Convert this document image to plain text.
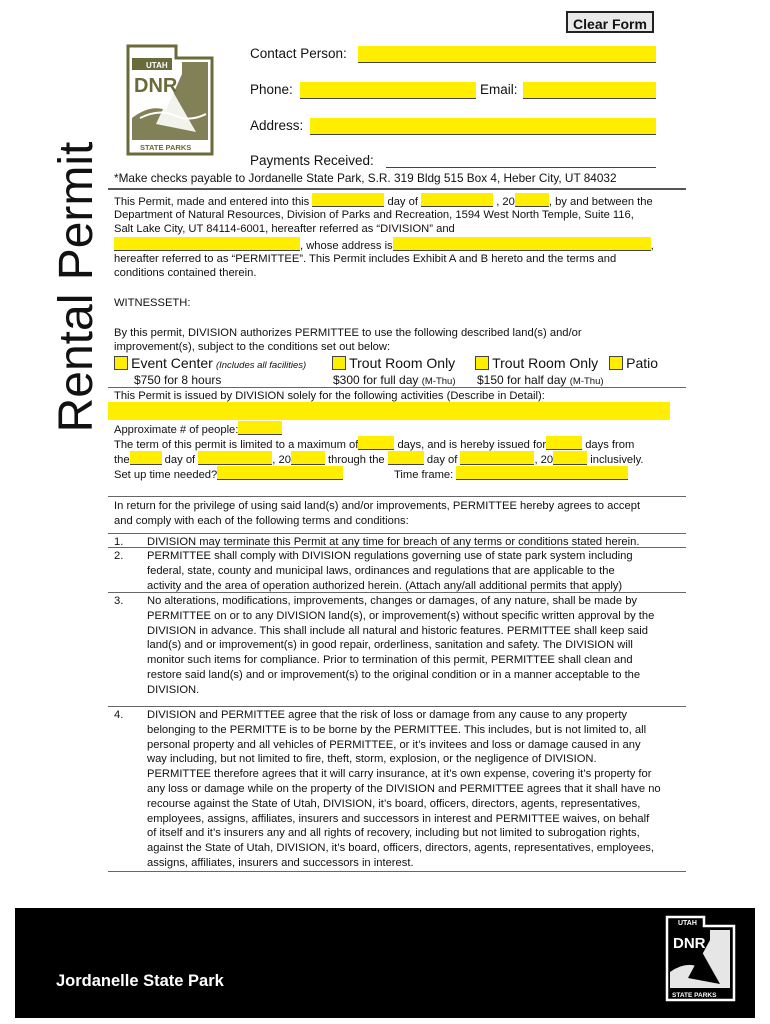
Clear Form
Rental Permit
UTAH
DNR
STATE PARKS
Contact Person:
Phone:	Email:
Address:
Payments Received:
*Make checks payable to Jordanelle State Park, S.R. 319 Bldg 515 Box 4, Heber City, UT 84032
This Permit, made and entered into this	day of	, 20	, by and between the
Department of Natural Resources, Division of Parks and Recreation, 1594 West North Temple, Suite 116,
Salt Lake City, UT 84114-6001, hereafter referred as “DIVISION” and
, whose address is	,
hereafter referred to as “PERMITTEE”. This Permit includes Exhibit A and B hereto and the terms and
conditions contained therein.
WITNESSETH:
By this permit, DIVISION authorizes PERMITTEE to use the following described land(s) and/or
improvement(s), subject to the conditions set out below:
Event Center (Includes all facilities)
$750 for 8 hours
Trout Room Only
$300 for full day (M-Thu)
Trout Room Only
$150 for half day (M-Thu)
Patio
This Permit is issued by DIVISION solely for the following activities (Describe in Detail):
Approximate # of people:
The term of this permit is limited to a maximum of	days, and is hereby issued for	days from
the	day of	, 20	through the	day of	, 20	inclusively.
Set up time needed?	Time frame:
In return for the privilege of using said land(s) and/or improvements, PERMITTEE hereby agrees to accept
and comply with each of the following terms and conditions:
1. DIVISION may terminate this Permit at any time for breach of any terms or conditions stated herein.
2. PERMITTEE shall comply with DIVISION regulations governing use of state park system including
federal, state, county and municipal laws, ordinances and regulations that are applicable to the
activity and the area of operation authorized herein. (Attach any/all additional permits that apply)
3. No alterations, modifications, improvements, changes or damages, of any nature, shall be made by
PERMITTEE on or to any DIVISION land(s), or improvement(s) without specific written approval by the
DIVISION in advance. This shall include all natural and historic features. PERMITTEE shall keep said
land(s) and or improvement(s) in good repair, orderliness, sanitation and safety. The DIVISION will
monitor such items for compliance. Prior to termination of this permit, PERMITTEE shall clean and
restore said land(s) and or improvement(s) to the original condition or in a manner acceptable to the
DIVISION.
4. DIVISION and PERMITTEE agree that the risk of loss or damage from any cause to any property
belonging to the PERMITTE is to be borne by the PERMITTEE. This includes, but is not limited to, all
personal property and all vehicles of PERMITTEE, or it’s invitees and loss or damage caused in any
way including, but not limited to fire, theft, storm, explosion, or the negligence of DIVISION.
PERMITTEE therefore agrees that it will carry insurance, at it’s own expense, covering it’s property for
any loss or damage while on the property of the DIVISION and PERMITTEE agrees that it shall have no
recourse against the State of Utah, DIVISION, it’s board, officers, directors, agents, representatives,
employees, assigns, affiliates, insurers and successors in interest and PERMITTEE waives, on behalf
of itself and it’s insurers any and all rights of recovery, including but not limited to subrogation rights,
against the State of Utah, DIVISION, it’s board, officers, directors, agents, representatives, employees,
assigns, affiliates, insurers and successors in interest.
Jordanelle State Park
UTAH
DNR
STATE PARKS
